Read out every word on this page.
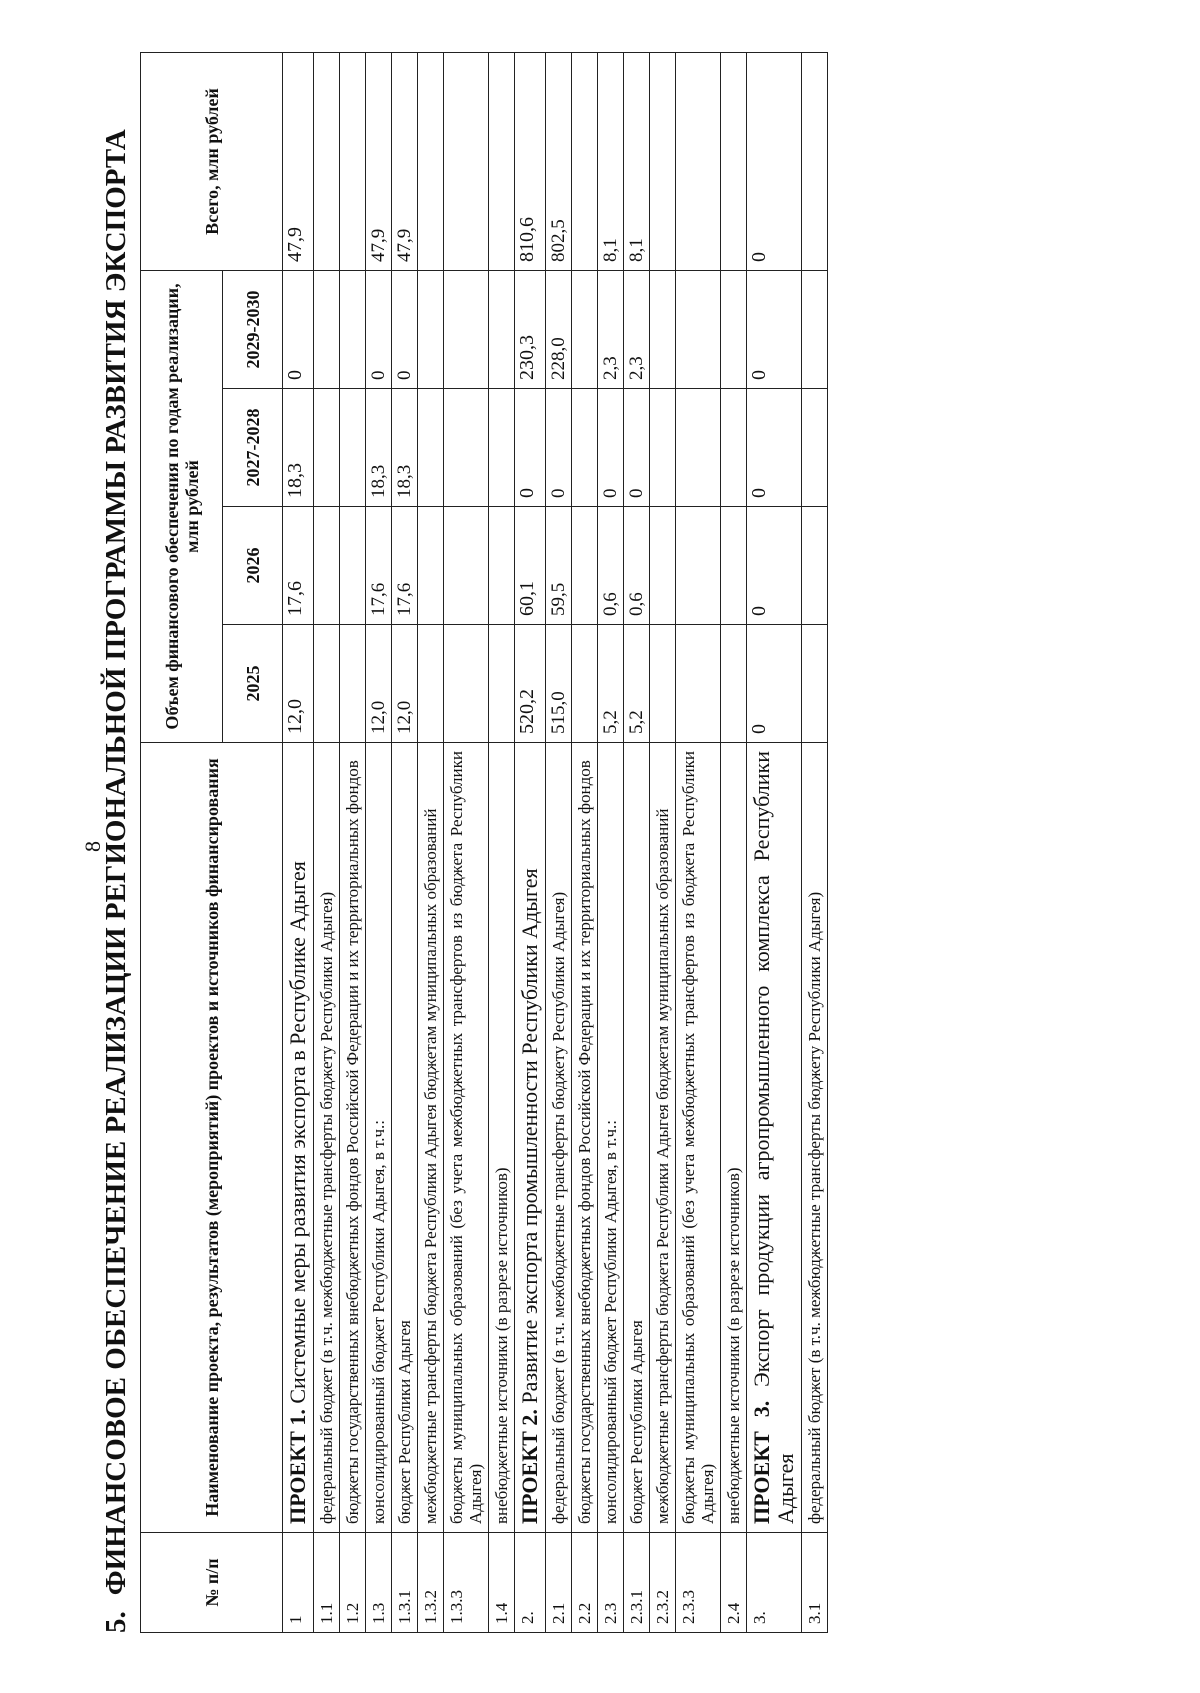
8
5.
ФИНАНСОВОЕ ОБЕСПЕЧЕНИЕ РЕАЛИЗАЦИИ РЕГИОНАЛЬНОЙ ПРОГРАММЫ РАЗВИТИЯ ЭКСПОРТА	№ п/п	Наименование проекта, результатов (мероприятий) проектов и источников финансирования	Объем финансового обеспечения по годам реализации, млн рублей				Всего, млн рублей
		2025	2026	2027-2028	2029-2030	
1	ПРОЕКТ 1. Системные меры развития экспорта в Республике Адыгея	12,0	17,6	18,3	0	47,9
1.1	федеральный бюджет (в т.ч. межбюджетные трансферты бюджету Республики Адыгея)					
1.2	бюджеты государственных внебюджетных фондов Российской Федерации и их территориальных фондов					
1.3	консолидированный бюджет Республики Адыгея, в т.ч.:	12,0	17,6	18,3	0	47,9
1.3.1	бюджет Республики Адыгея	12,0	17,6	18,3	0	47,9
1.3.2	межбюджетные трансферты бюджета Республики Адыгея бюджетам муниципальных образований					
1.3.3	бюджеты муниципальных образований (без учета межбюджетных трансфертов из бюджета Республики Адыгея)					
1.4	внебюджетные источники (в разрезе источников)					
2.	ПРОЕКТ 2. Развитие экспорта промышленности Республики Адыгея	520,2	60,1	0	230,3	810,6
2.1	федеральный бюджет (в т.ч. межбюджетные трансферты бюджету Республики Адыгея)	515,0	59,5	0	228,0	802,5
2.2	бюджеты государственных внебюджетных фондов Российской Федерации и их территориальных фондов					
2.3	консолидированный бюджет Республики Адыгея, в т.ч.:	5,2	0,6	0	2,3	8,1
2.3.1	бюджет Республики Адыгея	5,2	0,6	0	2,3	8,1
2.3.2	межбюджетные трансферты бюджета Республики Адыгея бюджетам муниципальных образований					
2.3.3	бюджеты муниципальных образований (без учета межбюджетных трансфертов из бюджета Республики Адыгея)					
2.4	внебюджетные источники (в разрезе источников)					
3.	ПРОЕКТ 3. Экспорт продукции агропромышленного комплекса Республики Адыгея	0	0	0	0	0
3.1	федеральный бюджет (в т.ч. межбюджетные трансферты бюджету Республики Адыгея)					
